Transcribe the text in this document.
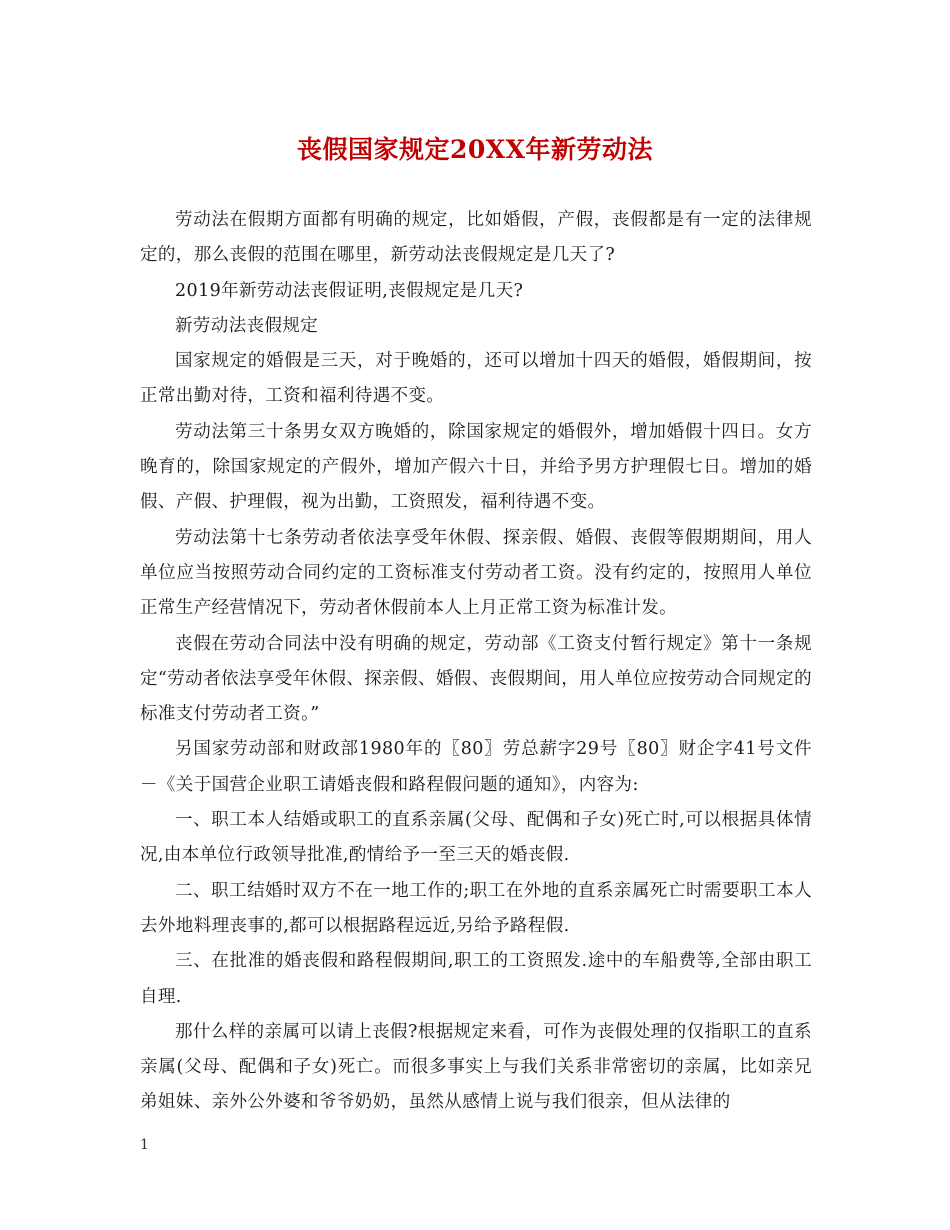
丧假国家规定20XX年新劳动法

劳动法在假期方面都有明确的规定，比如婚假，产假，丧假都是有一定的法律规定的，那么丧假的范围在哪里，新劳动法丧假规定是几天了?

2019年新劳动法丧假证明,丧假规定是几天?

新劳动法丧假规定

国家规定的婚假是三天，对于晚婚的，还可以增加十四天的婚假，婚假期间，按正常出勤对待，工资和福利待遇不变。

劳动法第三十条男女双方晚婚的，除国家规定的婚假外，增加婚假十四日。女方晚育的，除国家规定的产假外，增加产假六十日，并给予男方护理假七日。增加的婚假、产假、护理假，视为出勤，工资照发，福利待遇不变。

劳动法第十七条劳动者依法享受年休假、探亲假、婚假、丧假等假期期间，用人单位应当按照劳动合同约定的工资标准支付劳动者工资。没有约定的，按照用人单位正常生产经营情况下，劳动者休假前本人上月正常工资为标准计发。

丧假在劳动合同法中没有明确的规定，劳动部《工资支付暂行规定》第十一条规定“劳动者依法享受年休假、探亲假、婚假、丧假期间，用人单位应按劳动合同规定的标准支付劳动者工资。”

另国家劳动部和财政部1980年的〖80〗劳总薪字29号〖80〗财企字41号文件－《关于国营企业职工请婚丧假和路程假问题的通知》，内容为:

一、职工本人结婚或职工的直系亲属(父母、配偶和子女)死亡时,可以根据具体情况,由本单位行政领导批准,酌情给予一至三天的婚丧假.

二、职工结婚时双方不在一地工作的;职工在外地的直系亲属死亡时需要职工本人去外地料理丧事的,都可以根据路程远近,另给予路程假.

三、在批准的婚丧假和路程假期间,职工的工资照发.途中的车船费等,全部由职工自理.

那什么样的亲属可以请上丧假?根据规定来看，可作为丧假处理的仅指职工的直系亲属(父母、配偶和子女)死亡。而很多事实上与我们关系非常密切的亲属，比如亲兄弟姐妹、亲外公外婆和爷爷奶奶，虽然从感情上说与我们很亲，但从法律的

1
